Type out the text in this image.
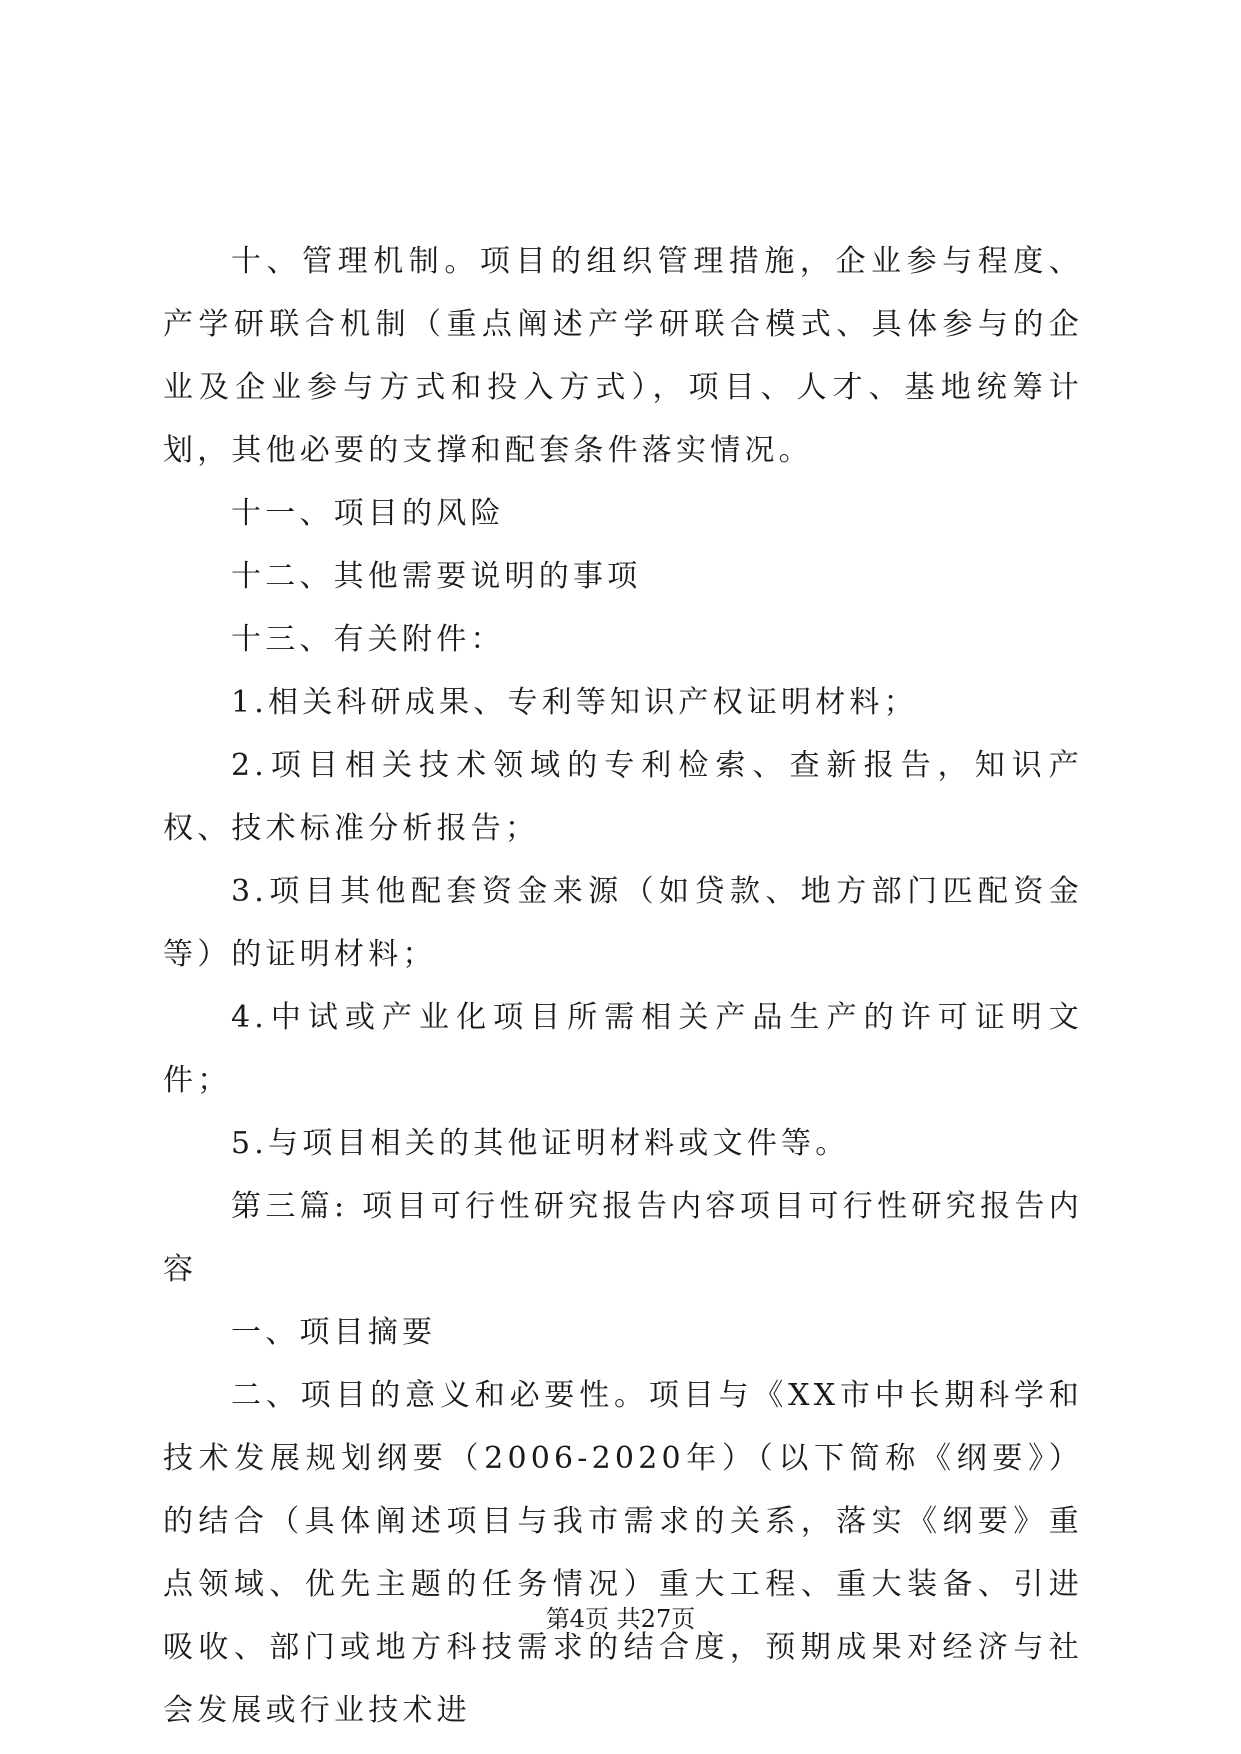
十、管理机制。项目的组织管理措施，企业参与程度、产学研联合机制（重点阐述产学研联合模式、具体参与的企业及企业参与方式和投入方式），项目、人才、基地统筹计划，其他必要的支撑和配套条件落实情况。

十一、项目的风险

十二、其他需要说明的事项

十三、有关附件：

1.相关科研成果、专利等知识产权证明材料；

2.项目相关技术领域的专利检索、查新报告，知识产权、技术标准分析报告；

3.项目其他配套资金来源（如贷款、地方部门匹配资金等）的证明材料；

4.中试或产业化项目所需相关产品生产的许可证明文件；

5.与项目相关的其他证明材料或文件等。

第三篇: 项目可行性研究报告内容项目可行性研究报告内容

一、项目摘要

二、项目的意义和必要性。项目与《XX市中长期科学和技术发展规划纲要（2006-2020年）（以下简称《纲要》）的结合（具体阐述项目与我市需求的关系，落实《纲要》重点领域、优先主题的任务情况）重大工程、重大装备、引进吸收、部门或地方科技需求的结合度，预期成果对经济与社会发展或行业技术进

第4页 共27页
